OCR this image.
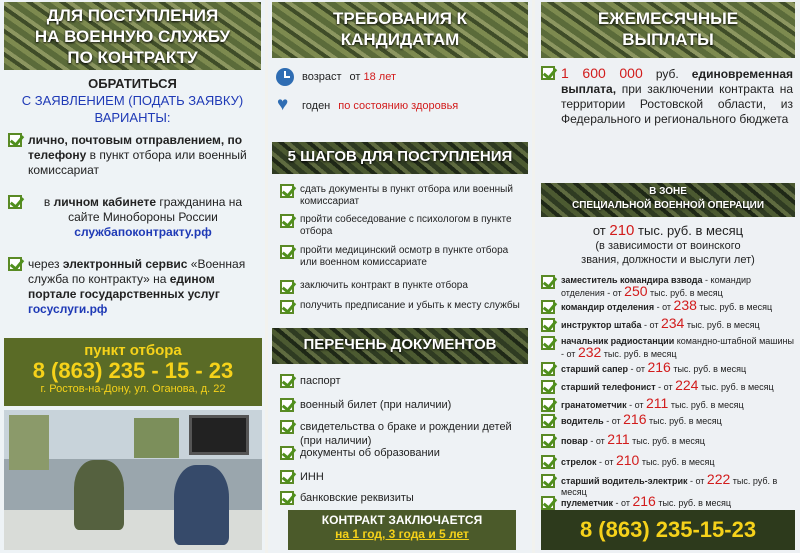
ДЛЯ ПОСТУПЛЕНИЯ
НА ВОЕННУЮ СЛУЖБУ
ПО КОНТРАКТУ
ОБРАТИТЬСЯ
С ЗАЯВЛЕНИЕМ (ПОДАТЬ ЗАЯВКУ)
ВАРИАНТЫ:
лично, почтовым отправлением, по телефону в пункт отбора или военный комиссариат
в личном кабинете гражданина на сайте Минобороны России
службапоконтракту.рф
через электронный сервис «Военная служба по контракту» на едином портале государственных услуг госуслуги.рф
пункт отбора
8 (863) 235 - 15 - 23
г. Ростов-на-Дону, ул. Оганова, д. 22
ТРЕБОВАНИЯ К
КАНДИДАТАМ
возраст от 18 лет
♥
годен по состоянию здоровья
5 ШАГОВ ДЛЯ ПОСТУПЛЕНИЯ
сдать документы в пункт отбора или военный комиссариат
пройти собеседование с психологом в пункте отбора
пройти медицинский осмотр в пункте отбора или военном комиссариате
заключить контракт в пункте отбора
получить предписание и убыть к месту службы
ПЕРЕЧЕНЬ ДОКУМЕНТОВ
паспорт
военный билет (при наличии)
свидетельства о браке и рождении детей (при наличии)
документы об образовании
ИНН
банковские реквизиты
КОНТРАКТ ЗАКЛЮЧАЕТСЯ
на 1 год, 3 года и 5 лет
ЕЖЕМЕСЯЧНЫЕ
ВЫПЛАТЫ
1 600 000 руб. единовременная выплата, при заключении контракта на территории Ростовской области, из Федерального и регионального бюджета
В ЗОНЕ
СПЕЦИАЛЬНОЙ ВОЕННОЙ ОПЕРАЦИИ
от 210 тыс. руб. в месяц
(в зависимости от воинского
звания, должности и выслуги лет)
заместитель командира взвода - командир отделения - от 250 тыс. руб. в месяц
командир отделения - от 238 тыс. руб. в месяц
инструктор штаба - от 234 тыс. руб. в месяц
начальник радиостанции командно-штабной машины - от 232 тыс. руб. в месяц
старший сапер - от 216 тыс. руб. в месяц
старший телефонист - от 224 тыс. руб. в месяц
гранатометчик - от 211 тыс. руб. в месяц
водитель - от 216 тыс. руб. в месяц
повар - от 211 тыс. руб. в месяц
стрелок - от 210 тыс. руб. в месяц
старший водитель-электрик - от 222 тыс. руб. в месяц
пулеметчик - от 216 тыс. руб. в месяц
8 (863) 235-15-23
